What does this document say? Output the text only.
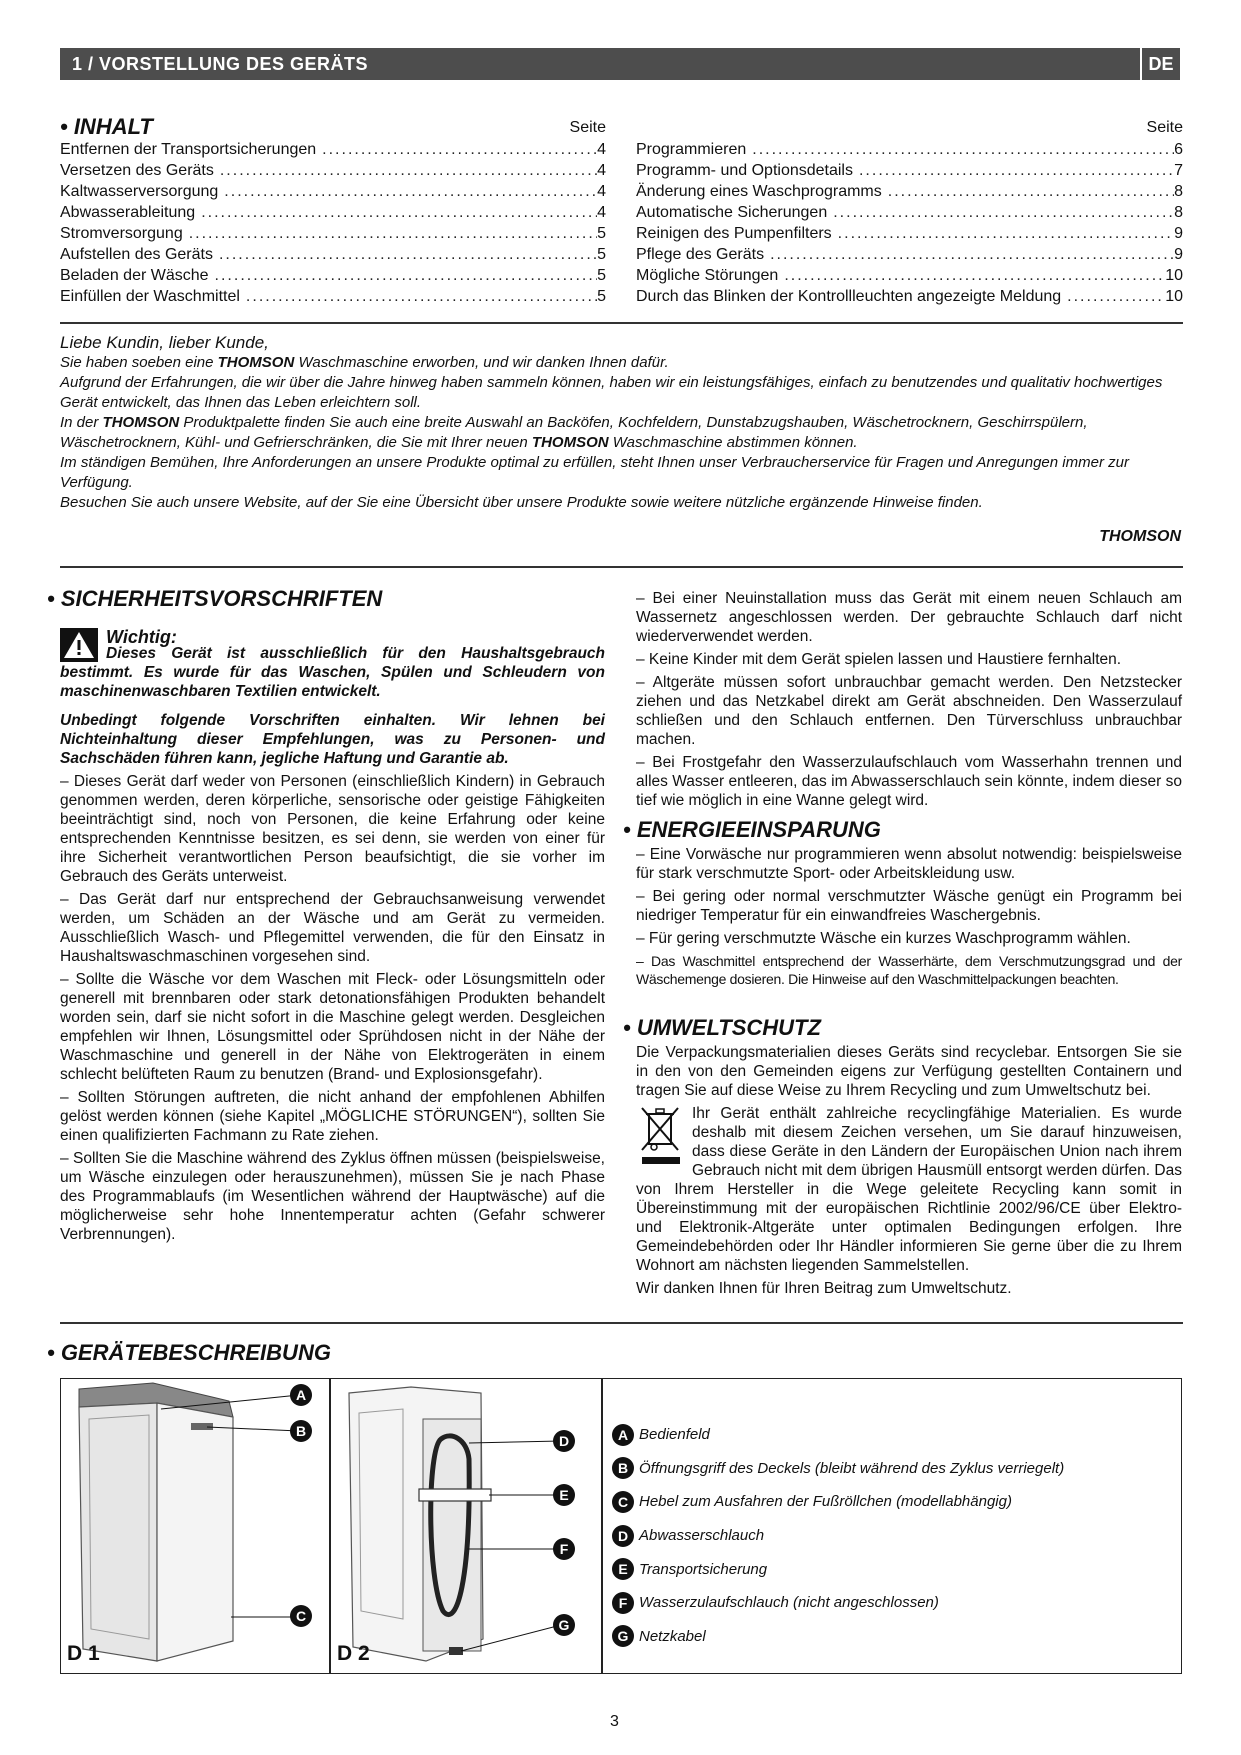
1 / VORSTELLUNG DES GERÄTS	DE
• INHALT	Seite
Entfernen der Transportsicherungen .....	4
Versetzen des Geräts .....	4
Kaltwasserversorgung .....	4
Abwasserableitung .....	4
Stromversorgung .....	5
Aufstellen des Geräts .....	5
Beladen der Wäsche .....	5
Einfüllen der Waschmittel .....	5
Seite
Programmieren .....	6
Programm- und Optionsdetails .....	7
Änderung eines Waschprogramms .....	8
Automatische Sicherungen .....	8
Reinigen des Pumpenfilters .....	9
Pflege des Geräts .....	9
Mögliche Störungen .....	10
Durch das Blinken der Kontrollleuchten angezeigte Meldung .....	10
Liebe Kundin, lieber Kunde,
Sie haben soeben eine THOMSON Waschmaschine erworben, und wir danken Ihnen dafür.
Aufgrund der Erfahrungen, die wir über die Jahre hinweg haben sammeln können, haben wir ein leistungsfähiges, einfach zu benutzendes und qualitativ hochwertiges Gerät entwickelt, das Ihnen das Leben erleichtern soll.
In der THOMSON Produktpalette finden Sie auch eine breite Auswahl an Backöfen, Kochfeldern, Dunstabzugshauben, Wäschetrocknern, Geschirrspülern, Wäschetrocknern, Kühl- und Gefrierschränken, die Sie mit Ihrer neuen THOMSON Waschmaschine abstimmen können.
Im ständigen Bemühen, Ihre Anforderungen an unsere Produkte optimal zu erfüllen, steht Ihnen unser Verbraucherservice für Fragen und Anregungen immer zur Verfügung.
Besuchen Sie auch unsere Website, auf der Sie eine Übersicht über unsere Produkte sowie weitere nützliche ergänzende Hinweise finden.
THOMSON
• SICHERHEITSVORSCHRIFTEN
Wichtig:

Dieses Gerät ist ausschließlich für den Haushaltsgebrauch bestimmt. Es wurde für das Waschen, Spülen und Schleudern von maschinenwaschbaren Textilien entwickelt.

Unbedingt folgende Vorschriften einhalten. Wir lehnen bei Nichteinhaltung dieser Empfehlungen, was zu Personen- und Sachschäden führen kann, jegliche Haftung und Garantie ab.

– Dieses Gerät darf weder von Personen (einschließlich Kindern) in Gebrauch genommen werden, deren körperliche, sensorische oder geistige Fähigkeiten beeinträchtigt sind, noch von Personen, die keine Erfahrung oder keine entsprechenden Kenntnisse besitzen, es sei denn, sie werden von einer für ihre Sicherheit verantwortlichen Person beaufsichtigt, die sie vorher im Gebrauch des Geräts unterweist.

– Das Gerät darf nur entsprechend der Gebrauchsanweisung verwendet werden, um Schäden an der Wäsche und am Gerät zu vermeiden. Ausschließlich Wasch- und Pflegemittel verwenden, die für den Einsatz in Haushaltswaschmaschinen vorgesehen sind.

– Sollte die Wäsche vor dem Waschen mit Fleck- oder Lösungsmitteln oder generell mit brennbaren oder stark detonationsfähigen Produkten behandelt worden sein, darf sie nicht sofort in die Maschine gelegt werden. Desgleichen empfehlen wir Ihnen, Lösungsmittel oder Sprühdosen nicht in der Nähe der Waschmaschine und generell in der Nähe von Elektrogeräten in einem schlecht belüfteten Raum zu benutzen (Brand- und Explosionsgefahr).

– Sollten Störungen auftreten, die nicht anhand der empfohlenen Abhilfen gelöst werden können (siehe Kapitel „MÖGLICHE STÖRUNGEN“), sollten Sie einen qualifizierten Fachmann zu Rate ziehen.

– Sollten Sie die Maschine während des Zyklus öffnen müssen (beispielsweise, um Wäsche einzulegen oder herauszunehmen), müssen Sie je nach Phase des Programmablaufs (im Wesentlichen während der Hauptwäsche) auf die möglicherweise sehr hohe Innentemperatur achten (Gefahr schwerer Verbrennungen).

– Bei einer Neuinstallation muss das Gerät mit einem neuen Schlauch am Wassernetz angeschlossen werden. Der gebrauchte Schlauch darf nicht wiederverwendet werden.

– Keine Kinder mit dem Gerät spielen lassen und Haustiere fernhalten.

– Altgeräte müssen sofort unbrauchbar gemacht werden. Den Netzstecker ziehen und das Netzkabel direkt am Gerät abschneiden. Den Wasserzulauf schließen und den Schlauch entfernen. Den Türverschluss unbrauchbar machen.

– Bei Frostgefahr den Wasserzulaufschlauch vom Wasserhahn trennen und alles Wasser entleeren, das im Abwasserschlauch sein könnte, indem dieser so tief wie möglich in eine Wanne gelegt wird.

• ENERGIEEINSPARUNG

– Eine Vorwäsche nur programmieren wenn absolut notwendig: beispielsweise für stark verschmutzte Sport- oder Arbeitskleidung usw.

– Bei gering oder normal verschmutzter Wäsche genügt ein Programm bei niedriger Temperatur für ein einwandfreies Waschergebnis.

– Für gering verschmutzte Wäsche ein kurzes Waschprogramm wählen.

– Das Waschmittel entsprechend der Wasserhärte, dem Verschmutzungsgrad und der Wäschemenge dosieren. Die Hinweise auf den Waschmittelpackungen beachten.

• UMWELTSCHUTZ

Die Verpackungsmaterialien dieses Geräts sind recyclebar. Entsorgen Sie sie in den von den Gemeinden eigens zur Verfügung gestellten Containern und tragen Sie auf diese Weise zu Ihrem Recycling und zum Umweltschutz bei.

Ihr Gerät enthält zahlreiche recyclingfähige Materialien. Es wurde deshalb mit diesem Zeichen versehen, um Sie darauf hinzuweisen, dass diese Geräte in den Ländern der Europäischen Union nach ihrem Gebrauch nicht mit dem übrigen Hausmüll entsorgt werden dürfen. Das von Ihrem Hersteller in die Wege geleitete Recycling kann somit in Übereinstimmung mit der europäischen Richtlinie 2002/96/CE über Elektro- und Elektronik-Altgeräte unter optimalen Bedingungen erfolgen. Ihre Gemeindebehörden oder Ihr Händler informieren Sie gerne über die zu Ihrem Wohnort am nächsten liegenden Sammelstellen.

Wir danken Ihnen für Ihren Beitrag zum Umweltschutz.

• GERÄTEBESCHREIBUNG
A
B
C
D
E
F
G
D 1	D 2
A Bedienfeld
B Öffnungsgriff des Deckels (bleibt während des Zyklus verriegelt)
C Hebel zum Ausfahren der Fußröllchen (modellabhängig)
D Abwasserschlauch
E Transportsicherung
F Wasserzulaufschlauch (nicht angeschlossen)
G Netzkabel
3
